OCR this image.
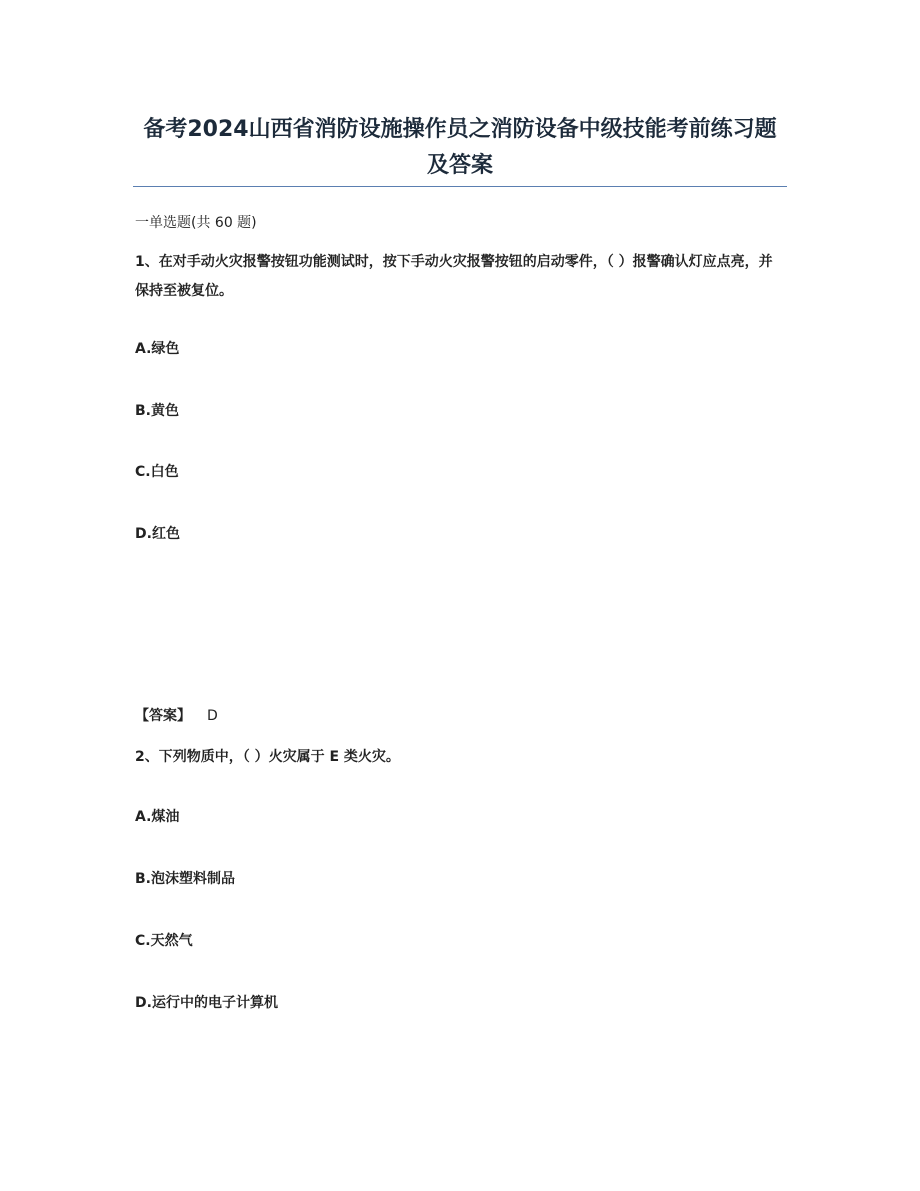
备考2024山西省消防设施操作员之消防设备中级技能考前练习题及答案
一单选题(共 60 题)
1、在对手动火灾报警按钮功能测试时，按下手动火灾报警按钮的启动零件，（ ）报警确认灯应点亮，并保持至被复位。
A.绿色
B.黄色
C.白色
D.红色
【答案】 D
2、下列物质中，（ ）火灾属于 E 类火灾。
A.煤油
B.泡沫塑料制品
C.天然气
D.运行中的电子计算机
